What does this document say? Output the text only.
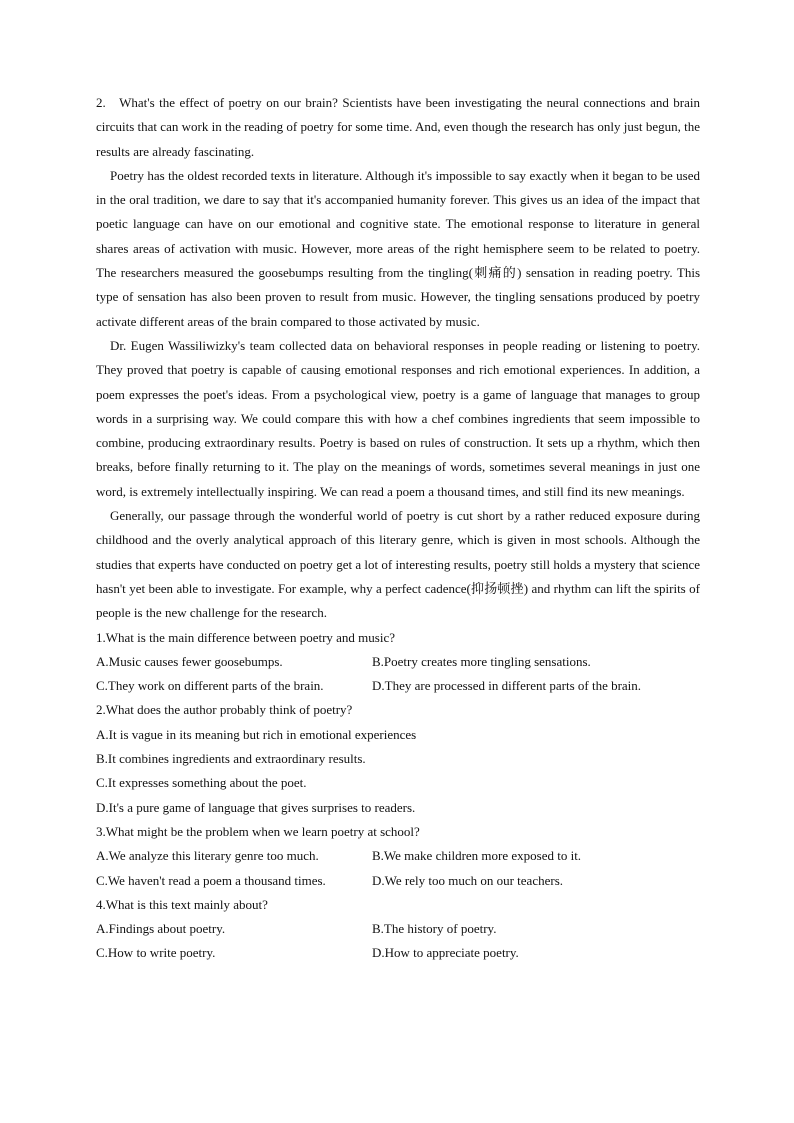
2.   What's the effect of poetry on our brain? Scientists have been investigating the neural connections and brain circuits that can work in the reading of poetry for some time. And, even though the research has only just begun, the results are already fascinating.

Poetry has the oldest recorded texts in literature. Although it's impossible to say exactly when it began to be used in the oral tradition, we dare to say that it's accompanied humanity forever. This gives us an idea of the impact that poetic language can have on our emotional and cognitive state. The emotional response to literature in general shares areas of activation with music. However, more areas of the right hemisphere seem to be related to poetry. The researchers measured the goosebumps resulting from the tingling(刺痛的) sensation in reading poetry. This type of sensation has also been proven to result from music. However, the tingling sensations produced by poetry activate different areas of the brain compared to those activated by music.

Dr. Eugen Wassiliwizky's team collected data on behavioral responses in people reading or listening to poetry. They proved that poetry is capable of causing emotional responses and rich emotional experiences. In addition, a poem expresses the poet's ideas. From a psychological view, poetry is a game of language that manages to group words in a surprising way. We could compare this with how a chef combines ingredients that seem impossible to combine, producing extraordinary results. Poetry is based on rules of construction. It sets up a rhythm, which then breaks, before finally returning to it. The play on the meanings of words, sometimes several meanings in just one word, is extremely intellectually inspiring. We can read a poem a thousand times, and still find its new meanings.

Generally, our passage through the wonderful world of poetry is cut short by a rather reduced exposure during childhood and the overly analytical approach of this literary genre, which is given in most schools. Although the studies that experts have conducted on poetry get a lot of interesting results, poetry still holds a mystery that science hasn't yet been able to investigate. For example, why a perfect cadence(抑扬顿挫) and rhythm can lift the spirits of people is the new challenge for the research.

1.What is the main difference between poetry and music?

A.Music causes fewer goosebumps.	B.Poetry creates more tingling sensations.
C.They work on different parts of the brain.	D.They are processed in different parts of the brain.

2.What does the author probably think of poetry?

A.It is vague in its meaning but rich in emotional experiences

B.It combines ingredients and extraordinary results.

C.It expresses something about the poet.

D.It's a pure game of language that gives surprises to readers.

3.What might be the problem when we learn poetry at school?

A.We analyze this literary genre too much.	B.We make children more exposed to it.
C.We haven't read a poem a thousand times.	D.We rely too much on our teachers.

4.What is this text mainly about?

A.Findings about poetry.	B.The history of poetry.
C.How to write poetry.	D.How to appreciate poetry.
